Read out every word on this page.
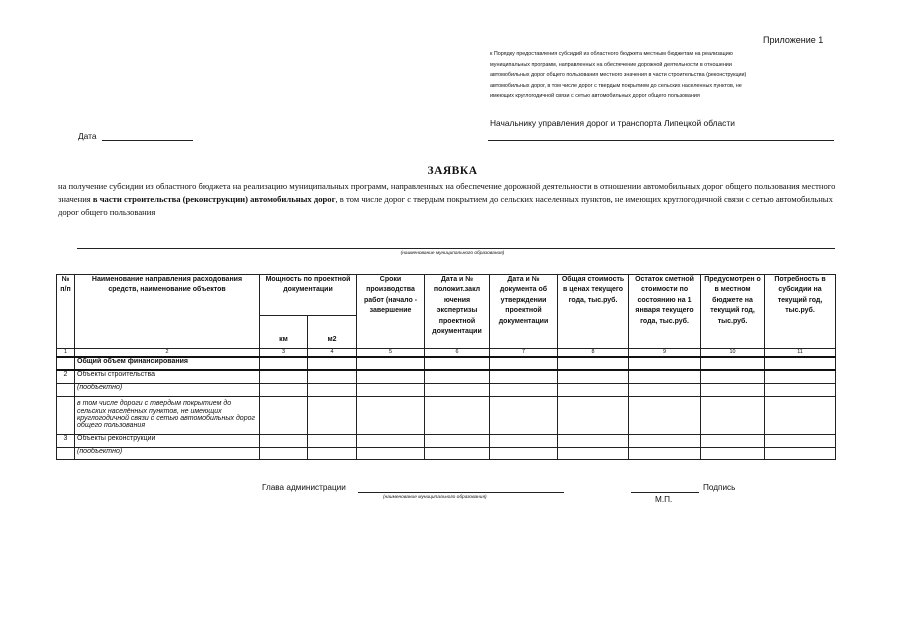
Приложение 1
к Порядку предоставления субсидий из областного бюджета местным бюджетам на реализацию
муниципальных программ, направленных на обеспечение дорожной деятельности в отношении
автомобильных дорог общего пользования местного значения в части строительства (реконструкции)
автомобильных дорог, в том числе дорог с твердым покрытием до сельских населенных пунктов, не
имеющих круглогодичной связи с сетью автомобильных дорог общего пользования
Начальнику управления дорог и транспорта Липецкой области
Дата
ЗАЯВКА
на получение субсидии из областного бюджета на реализацию муниципальных программ, направленных на обеспечение дорожной деятельности в отношении автомобильных дорог общего пользования местного значения в части строительства (реконструкции) автомобильных дорог, в том числе дорог с твердым покрытием до сельских населенных пунктов, не имеющих круглогодичной связи с сетью автомобильных дорог общего пользования
(наименование муниципального образования)
№ п/п	Наименование направления расходования средств, наименование объектов	Мощность по проектной документации		Сроки производства работ (начало - завершение	Дата и № положит.закл ючения экспертизы проектной документации	Дата и № документа об утверждении проектной документации	Общая стоимость в ценах текущего года, тыс.руб.	Остаток сметной стоимости по состоянию на 1 января текущего года, тыс.руб.	Предусмотрен о в местном бюджете на текущий год, тыс.руб.	Потребность в субсидии на текущий год, тыс.руб.
		км	м2							
1	2	3	4	5	6	7	8	9	10	11
	Общий объем финансирования									
2	Объекты строительства									
	(пообъектно)									
	в том числе дороги с твердым покрытием до сельских населённых пунктов, не имеющих круглогодичной связи с сетью автомобильных дорог общего пользования									
3	Объекты реконструкции									
	(пообъектно)									
Глава администрации
(наименование муниципального образования)
Подпись
М.П.
